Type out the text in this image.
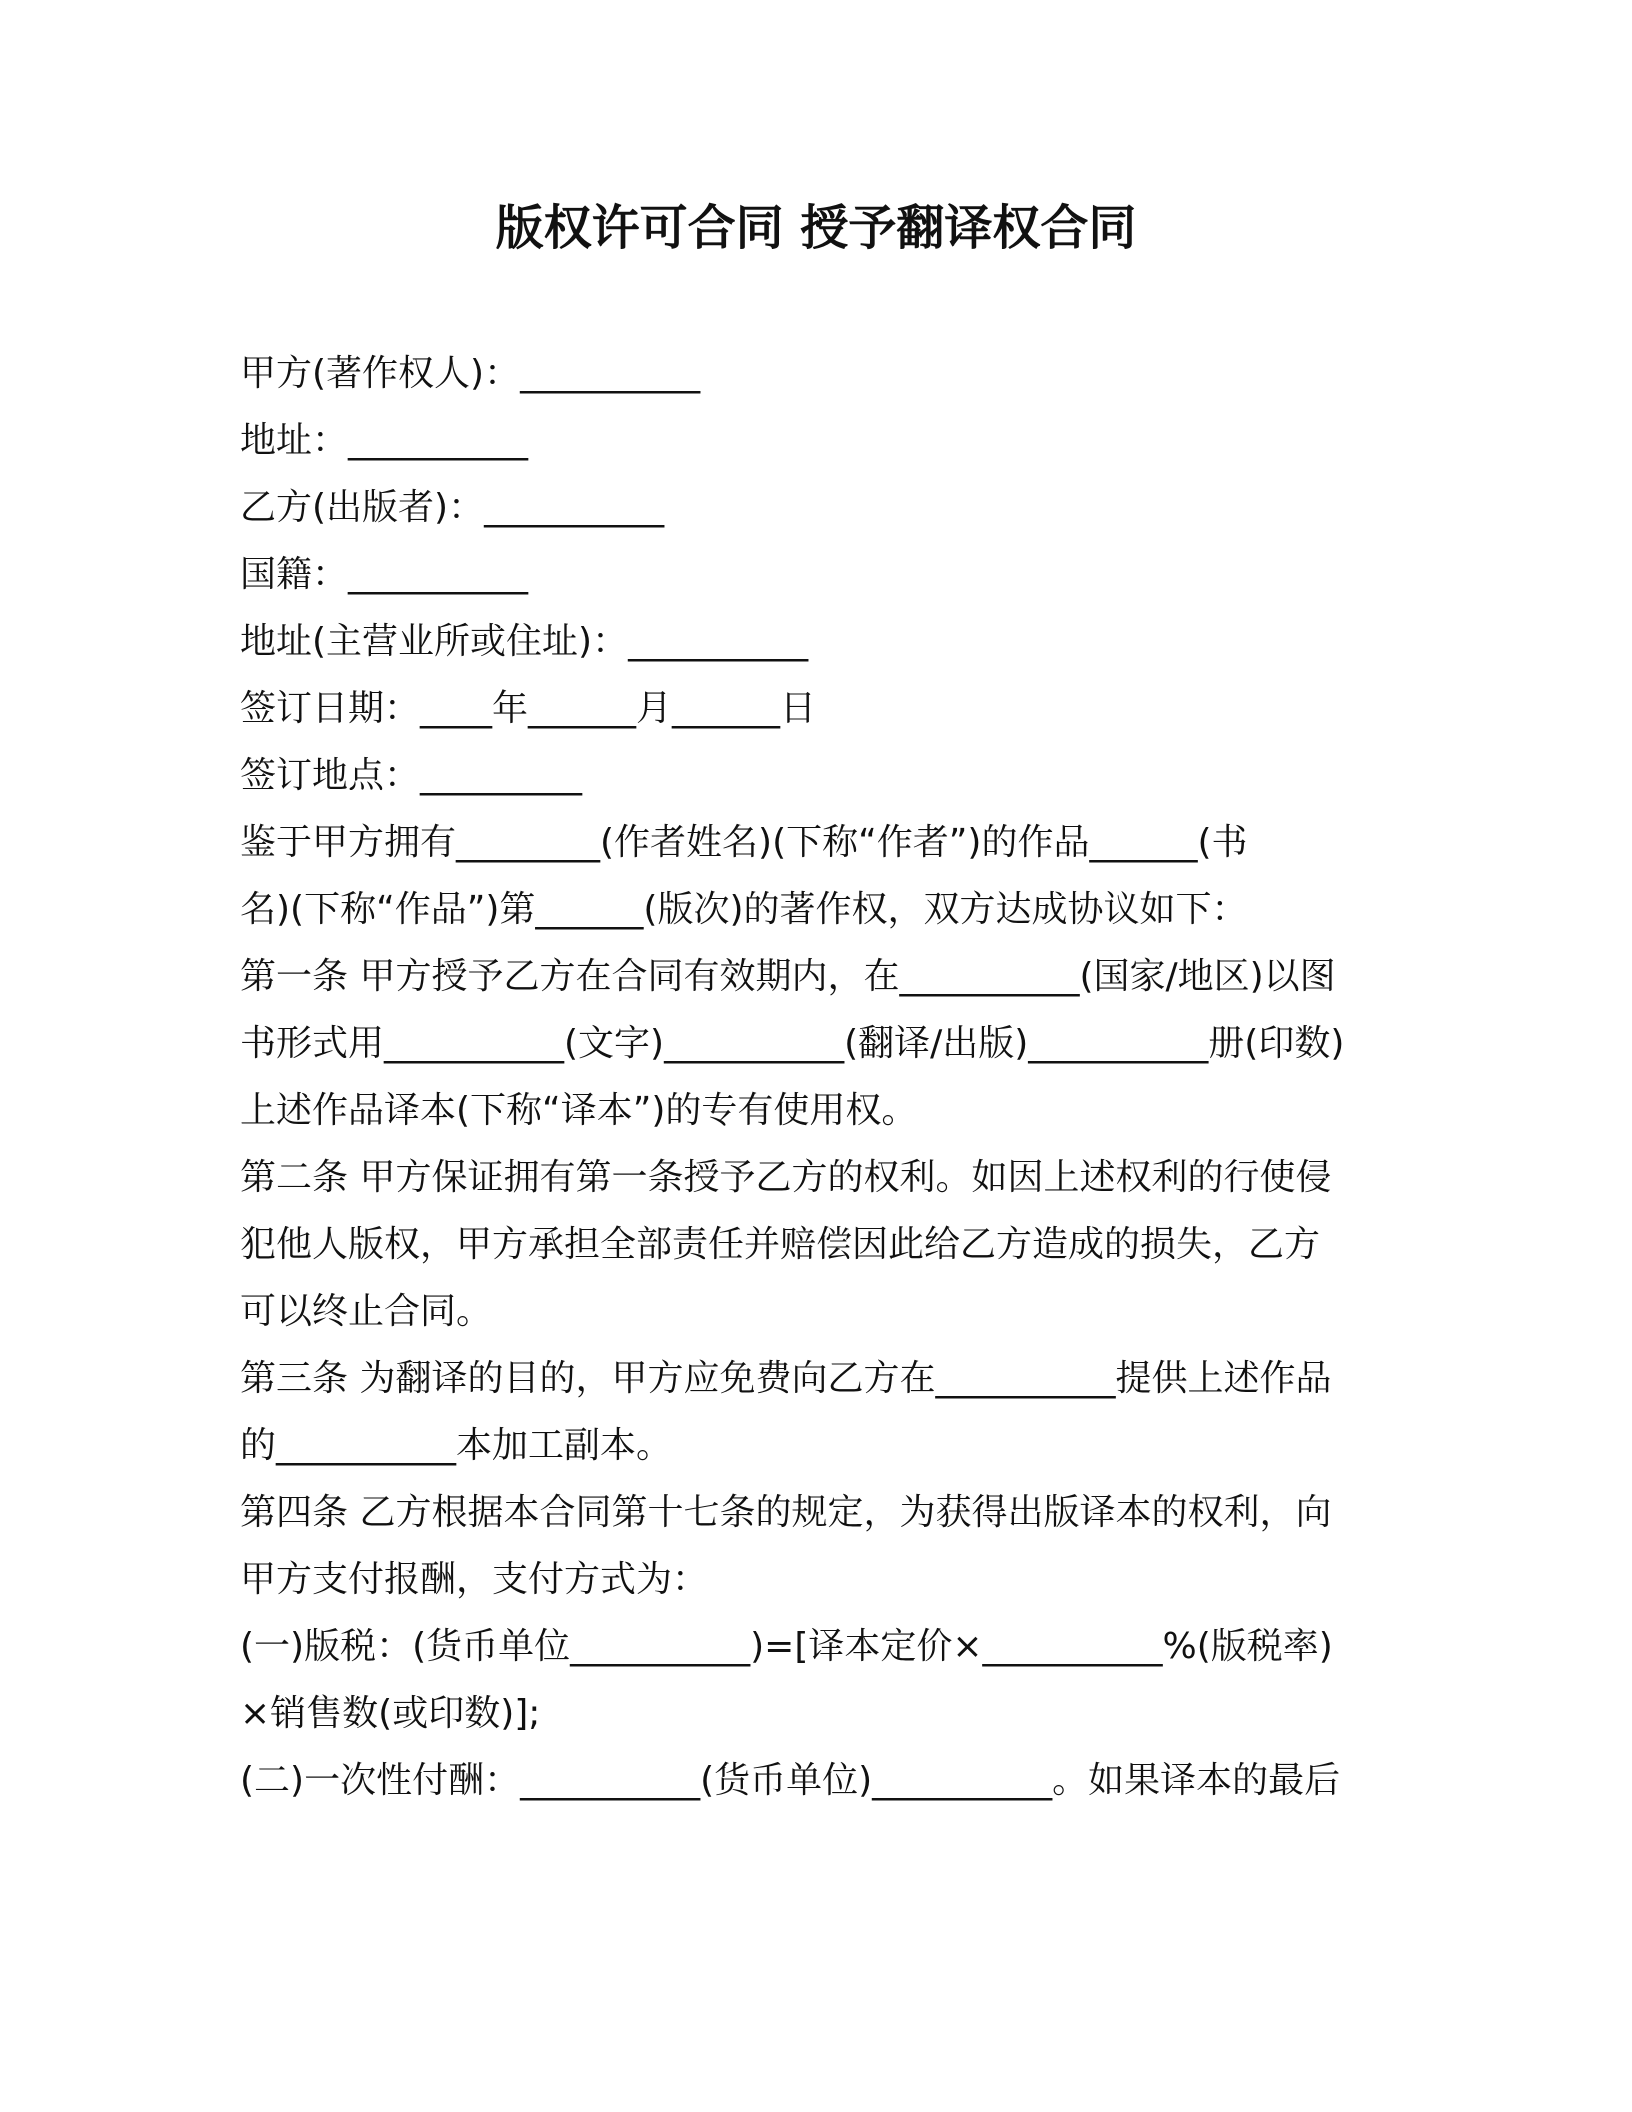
版权许可合同 授予翻译权合同
甲方(著作权人)：__________
地址：__________
乙方(出版者)：__________
国籍：__________
地址(主营业所或住址)：__________
签订日期：____年______月______日
签订地点：_________
鉴于甲方拥有________(作者姓名)(下称“作者”)的作品______(书
名)(下称“作品”)第______(版次)的著作权，双方达成协议如下：
第一条 甲方授予乙方在合同有效期内，在__________(国家/地区)以图
书形式用__________(文字)__________(翻译/出版)__________册(印数)
上述作品译本(下称“译本”)的专有使用权。
第二条 甲方保证拥有第一条授予乙方的权利。如因上述权利的行使侵
犯他人版权，甲方承担全部责任并赔偿因此给乙方造成的损失，乙方
可以终止合同。
第三条 为翻译的目的，甲方应免费向乙方在__________提供上述作品
的__________本加工副本。
第四条 乙方根据本合同第十七条的规定，为获得出版译本的权利，向
甲方支付报酬，支付方式为：
(一)版税：(货币单位__________)=[译本定价×__________%(版税率)
×销售数(或印数)];
(二)一次性付酬：__________(货币单位)__________。如果译本的最后
